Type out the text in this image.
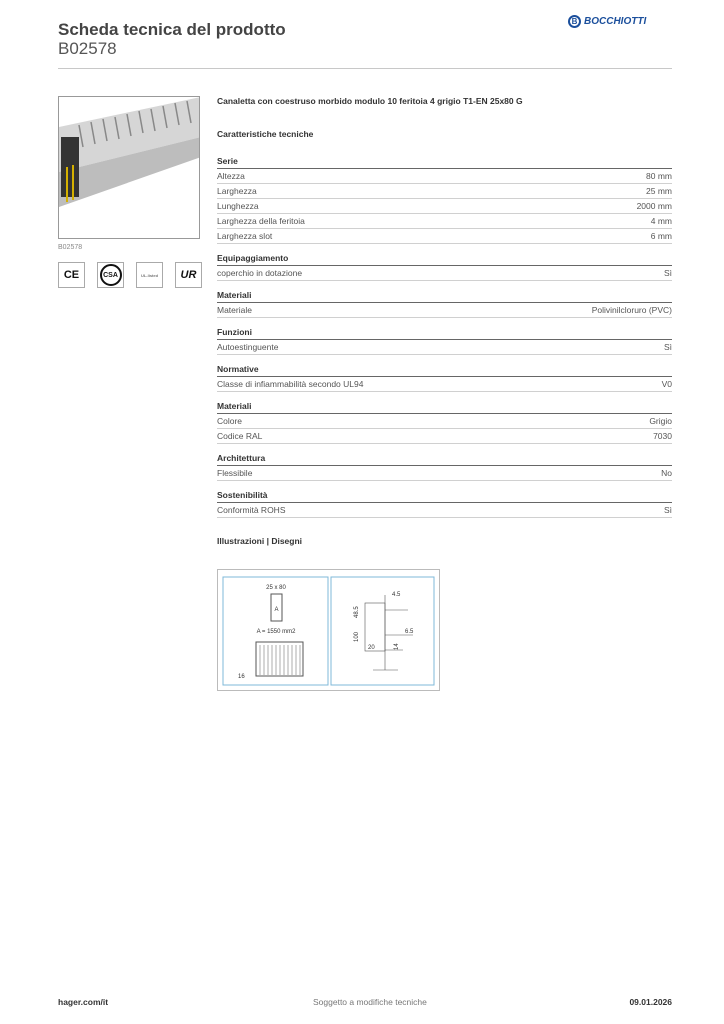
Scheda tecnica del prodotto
B02578
B BOCCHIOTTI
B02578
CE	CSA	UL-listed	UR
Canaletta con coestruso morbido modulo 10 feritoia 4 grigio T1-EN 25x80 G
Caratteristiche tecniche
Serie
Altezza	80 mm
Larghezza	25 mm
Lunghezza	2000 mm
Larghezza della feritoia	4 mm
Larghezza slot	6 mm
Equipaggiamento
coperchio in dotazione	Sì
Materiali
Materiale	Polivinilcloruro (PVC)
Funzioni
Autoestinguente	Sì
Normative
Classe di infiammabilità secondo UL94	V0
Materiali
Colore	Grigio
Codice RAL	7030
Architettura
Flessibile	No
Sostenibilità
Conformità ROHS	Sì
Illustrazioni | Disegni
25 x 80
A
A = 1550 mm2
16
4.5
48.5
100	6.5
14
20
hager.com/it	Soggetto a modifiche tecniche	09.01.2026
